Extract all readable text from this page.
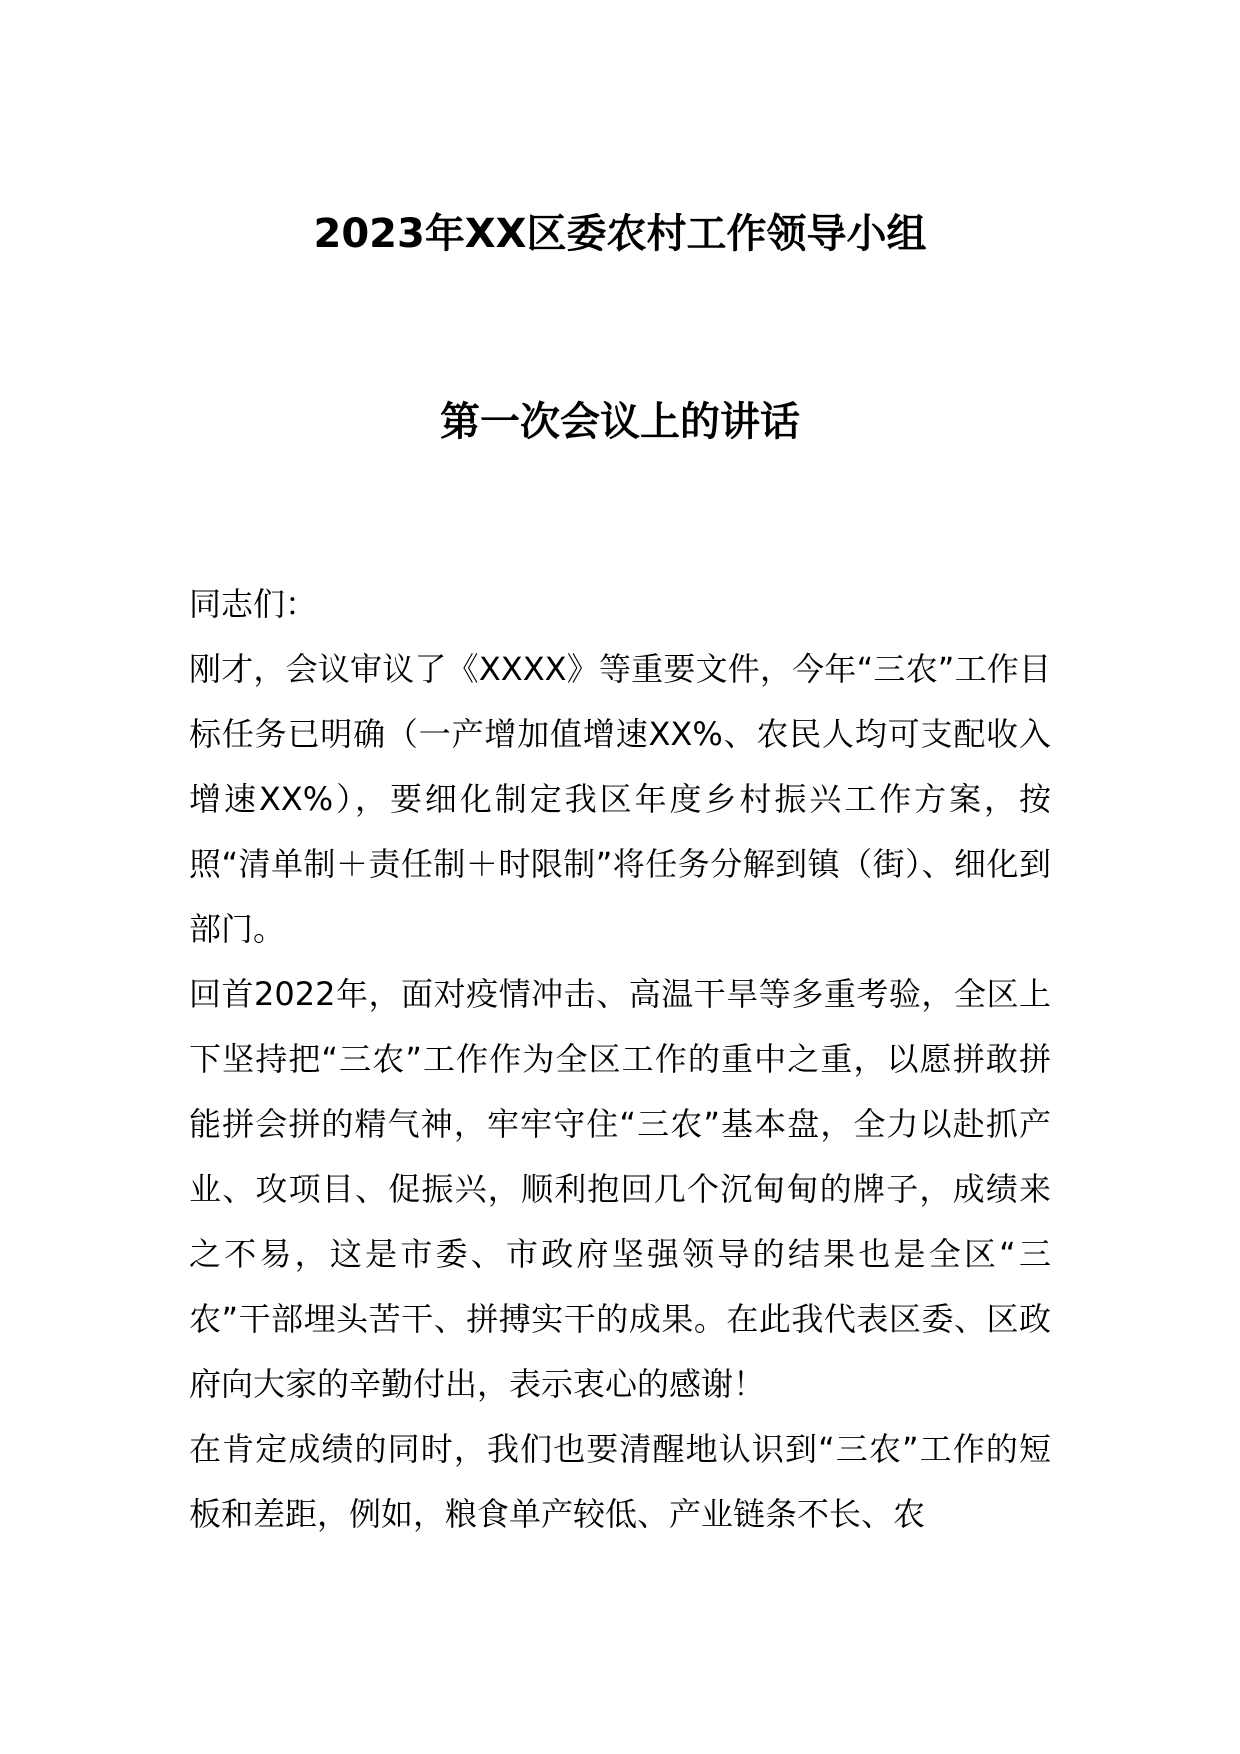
2023年XX区委农村工作领导小组
第一次会议上的讲话

同志们：

刚才，会议审议了《XXXX》等重要文件，今年“三农”工作目标任务已明确（一产增加值增速XX%、农民人均可支配收入增速XX%），要细化制定我区年度乡村振兴工作方案，按照“清单制＋责任制＋时限制”将任务分解到镇（街）、细化到部门。

回首2022年，面对疫情冲击、高温干旱等多重考验，全区上下坚持把“三农”工作作为全区工作的重中之重，以愿拼敢拼能拼会拼的精气神，牢牢守住“三农”基本盘，全力以赴抓产业、攻项目、促振兴，顺利抱回几个沉甸甸的牌子，成绩来之不易，这是市委、市政府坚强领导的结果也是全区“三农”干部埋头苦干、拼搏实干的成果。在此我代表区委、区政府向大家的辛勤付出，表示衷心的感谢！

在肯定成绩的同时，我们也要清醒地认识到“三农”工作的短板和差距，例如，粮食单产较低、产业链条不长、农
